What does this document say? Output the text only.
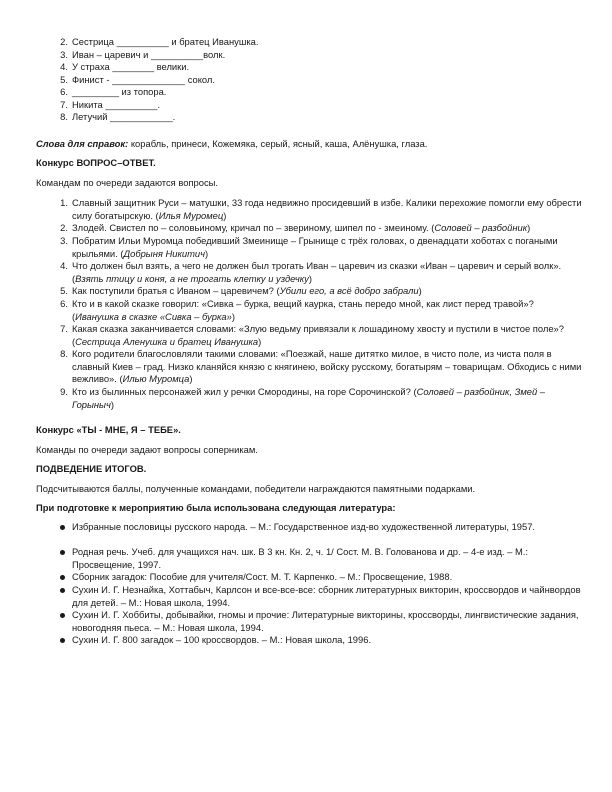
2. Сестрица __________ и братец Иванушка.
3. Иван – царевич и __________волк.
4. У страха ________ велики.
5. Финист - ______________ сокол.
6. _________ из топора.
7. Никита __________.
8. Летучий ____________.
Слова для справок: корабль, принеси, Кожемяка, серый, ясный, каша, Алёнушка, глаза.
Конкурс ВОПРОС–ОТВЕТ.
Командам по очереди задаются вопросы.
1. Славный защитник Руси – матушки, 33 года недвижно просидевший в избе. Калики перехожие помогли ему обрести силу богатырскую. (Илья Муромец)
2. Злодей. Свистел по – соловьиному, кричал по – звериному, шипел по - змеиному. (Соловей – разбойник)
3. Побратим Ильи Муромца победивший Змеинище – Грынище с трёх головах, о двенадцати хоботах с погаными крыльями. (Добрыня Никитич)
4. Что должен был взять, а чего не должен был трогать Иван – царевич из сказки «Иван – царевич и серый волк». (Взять птицу и коня, а не трогать клетку и уздечку)
5. Как поступили братья с Иваном – царевичем? (Убили его, а всё добро забрали)
6. Кто и в какой сказке говорил: «Сивка – бурка, вещий каурка, стань передо мной, как лист перед травой»? (Иванушка в сказке «Сивка – бурка»)
7. Какая сказка заканчивается словами: «Злую ведьму привязали к лошадиному хвосту и пустили в чистое поле»? (Сестрица Аленушка и братец Иванушка)
8. Кого родители благословляли такими словами: «Поезжай, наше дитятко милое, в чисто поле, из чиста поля в славный Киев – град. Низко кланяйся князю с княгинею, войску русскому, богатырям – товарищам. Обходись с ними вежливо». (Илью Муромца)
9. Кто из былинных персонажей жил у речки Смородины, на горе Сорочинской? (Соловей – разбойник, Змей – Горыныч)
Конкурс «ТЫ - МНЕ, Я – ТЕБЕ».
Команды по очереди задают вопросы соперникам.
ПОДВЕДЕНИЕ ИТОГОВ.
Подсчитываются баллы, полученные командами, победители награждаются памятными подарками.
При подготовке к мероприятию была использована следующая литература:
Избранные пословицы русского народа. – М.: Государственное изд-во художественной литературы, 1957.
Родная речь. Учеб. для учащихся нач. шк. В 3 кн. Кн. 2, ч. 1/ Сост. М. В. Голованова и др. – 4-е изд. – М.: Просвещение, 1997.
Сборник загадок: Пособие для учителя/Сост. М. Т. Карпенко. – М.: Просвещение, 1988.
Сухин И. Г. Незнайка, Хоттабыч, Карлсон и все-все-все: сборник литературных викторин, кроссвордов и чайнвордов для детей. – М.: Новая школа, 1994.
Сухин И. Г. Хоббиты, добывайки, гномы и прочие: Литературные викторины, кроссворды, лингвистические задания, новогодняя пьеса. – М.: Новая школа, 1994.
Сухин И. Г. 800 загадок – 100 кроссвордов. – М.: Новая школа, 1996.
